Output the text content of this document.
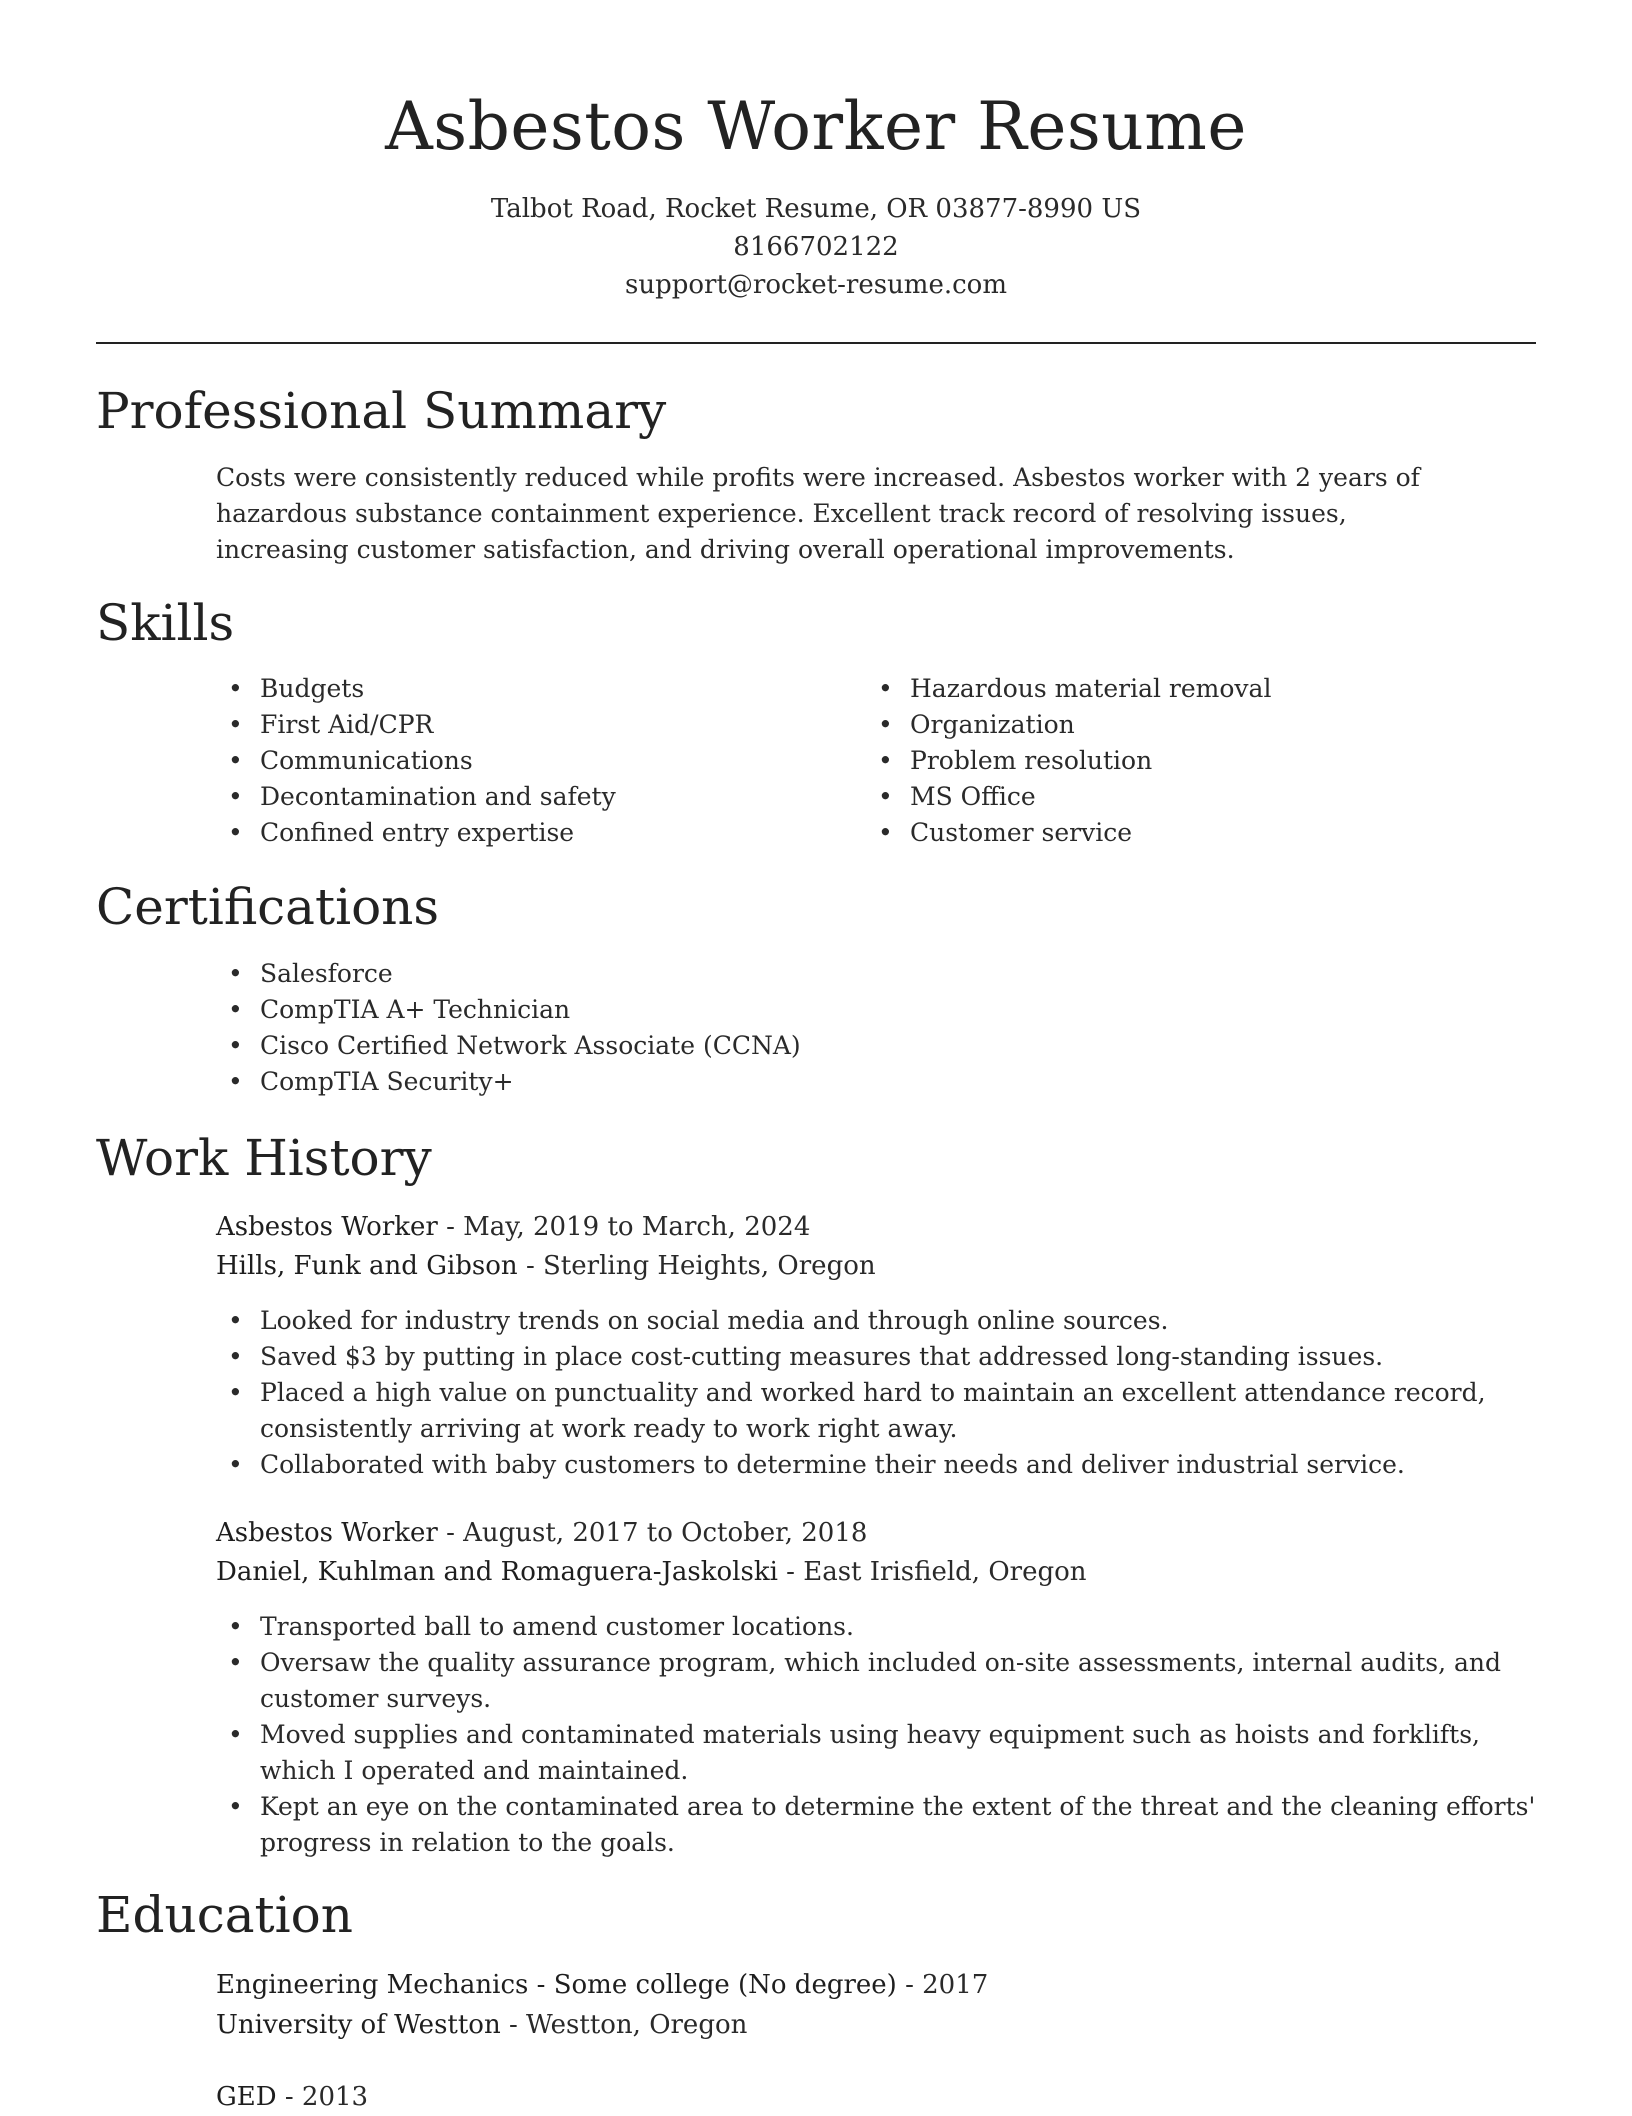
Asbestos Worker Resume
Talbot Road, Rocket Resume, OR 03877-8990 US
8166702122
support@rocket-resume.com
Professional Summary

Costs were consistently reduced while profits were increased. Asbestos worker with 2 years of hazardous substance containment experience. Excellent track record of resolving issues, increasing customer satisfaction, and driving overall operational improvements.

Skills
• Budgets
• First Aid/CPR
• Communications
• Decontamination and safety
• Confined entry expertise
• Hazardous material removal
• Organization
• Problem resolution
• MS Office
• Customer service
Certifications
• Salesforce
• CompTIA A+ Technician
• Cisco Certified Network Associate (CCNA)
• CompTIA Security+
Work History
Asbestos Worker - May, 2019 to March, 2024
Hills, Funk and Gibson - Sterling Heights, Oregon
• Looked for industry trends on social media and through online sources.
• Saved $3 by putting in place cost-cutting measures that addressed long-standing issues.
• Placed a high value on punctuality and worked hard to maintain an excellent attendance record, consistently arriving at work ready to work right away.
• Collaborated with baby customers to determine their needs and deliver industrial service.
Asbestos Worker - August, 2017 to October, 2018
Daniel, Kuhlman and Romaguera-Jaskolski - East Irisfield, Oregon
• Transported ball to amend customer locations.
• Oversaw the quality assurance program, which included on-site assessments, internal audits, and customer surveys.
• Moved supplies and contaminated materials using heavy equipment such as hoists and forklifts, which I operated and maintained.
• Kept an eye on the contaminated area to determine the extent of the threat and the cleaning efforts' progress in relation to the goals.
Education
Engineering Mechanics - Some college (No degree) - 2017
University of Westton - Westton, Oregon
GED - 2013
